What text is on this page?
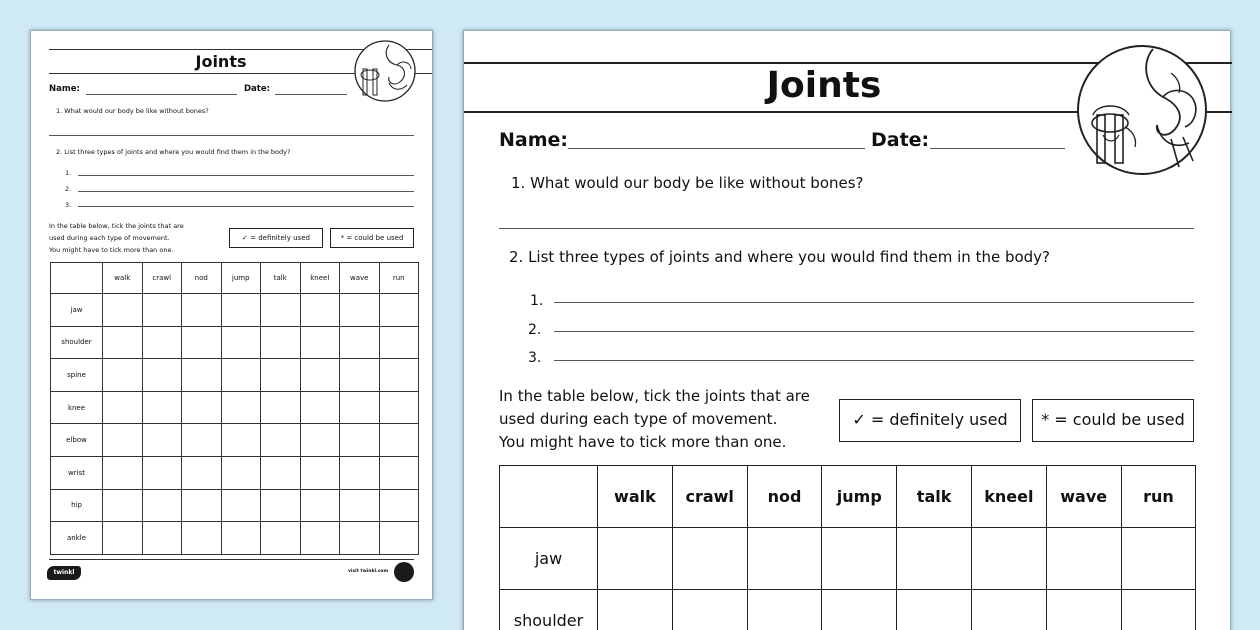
Joints
Name:	Date:
1. What would our body be like without bones?
2. List three types of joints and where you would find them in the body?
1.
2.
3.
In the table below, tick the joints that are
used during each type of movement.
You might have to tick more than one.
✓ = definitely used	* = could be used
	walk	crawl	nod	jump	talk	kneel	wave	run
jaw								
shoulder								
spine								
knee								
elbow								
wrist								
hip								
ankle								
twinkl	visit twinkl.com
Joints
Name:	Date:
1. What would our body be like without bones?
2. List three types of joints and where you would find them in the body?
1.
2.
3.
In the table below, tick the joints that are
used during each type of movement.
You might have to tick more than one.
✓ = definitely used	* = could be used
	walk	crawl	nod	jump	talk	kneel	wave	run
jaw								
shoulder								
